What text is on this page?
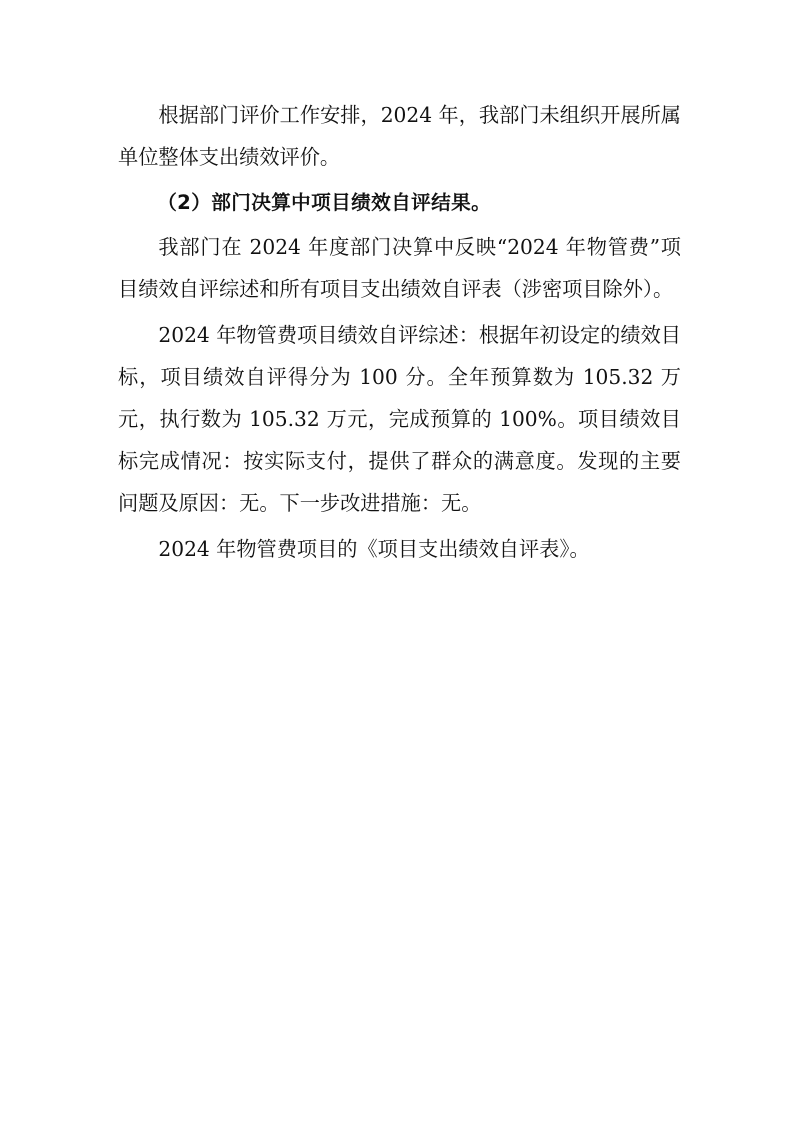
根据部门评价工作安排，2024 年，我部门未组织开展所属单位整体支出绩效评价。

（2）部门决算中项目绩效自评结果。

我部门在 2024 年度部门决算中反映“2024 年物管费”项目绩效自评综述和所有项目支出绩效自评表（涉密项目除外）。

2024 年物管费项目绩效自评综述：根据年初设定的绩效目标，项目绩效自评得分为 100 分。全年预算数为 105.32 万元，执行数为 105.32 万元，完成预算的 100%。项目绩效目标完成情况：按实际支付，提供了群众的满意度。发现的主要问题及原因：无。下一步改进措施：无。

2024 年物管费项目的《项目支出绩效自评表》。
